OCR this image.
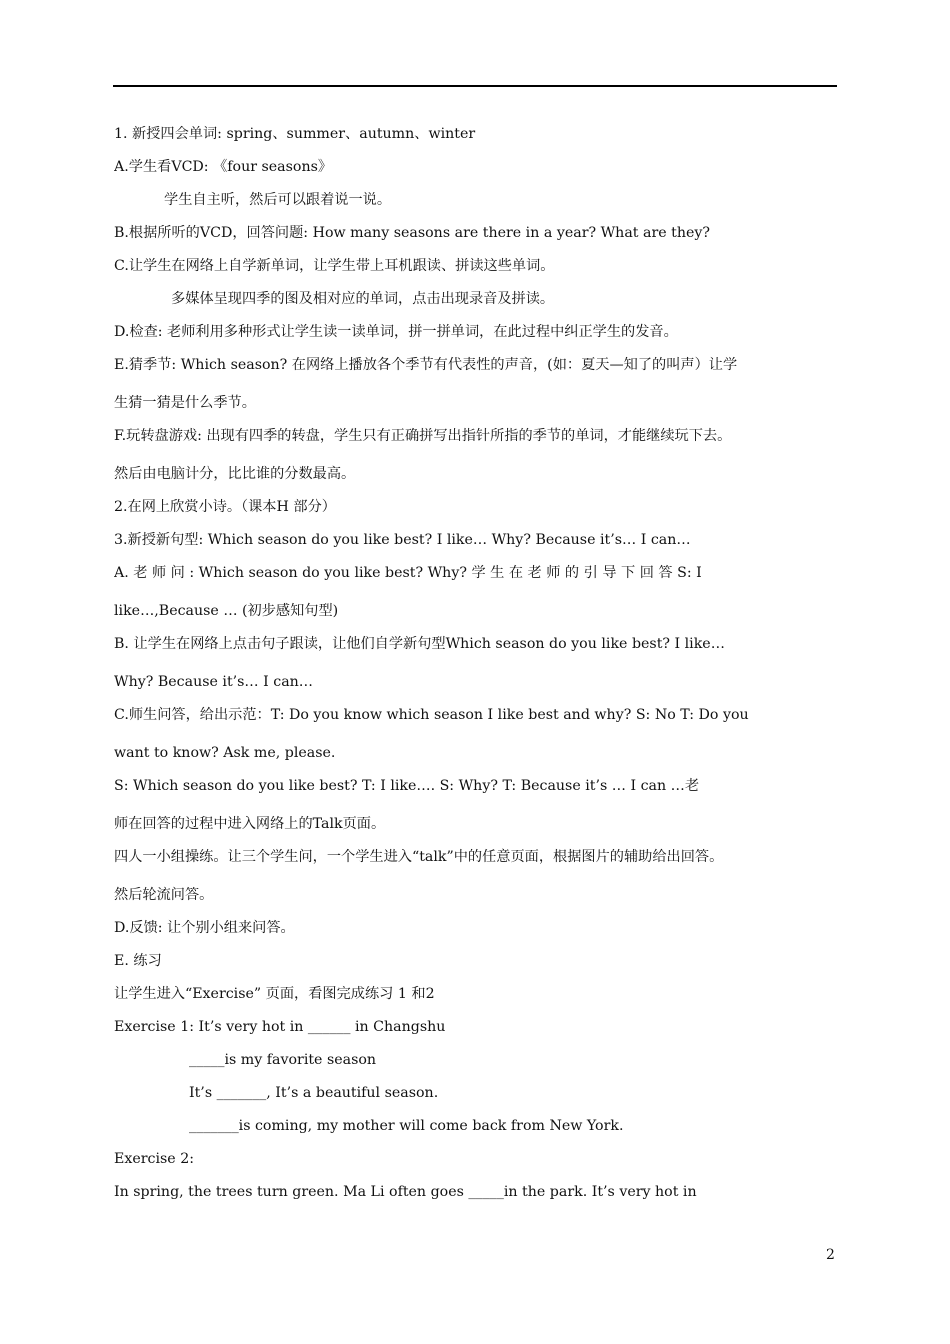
1. 新授四会单词: spring、summer、autumn、winter
A.学生看VCD: 《four seasons》
学生自主听，然后可以跟着说一说。
B.根据所听的VCD，回答问题: How many seasons are there in a year? What are they?
C.让学生在网络上自学新单词，让学生带上耳机跟读、拼读这些单词。
多媒体呈现四季的图及相对应的单词，点击出现录音及拼读。
D.检查: 老师利用多种形式让学生读一读单词，拼一拼单词，在此过程中纠正学生的发音。
E.猜季节: Which season? 在网络上播放各个季节有代表性的声音，(如：夏天—知了的叫声）让学
生猜一猜是什么季节。
F.玩转盘游戏: 出现有四季的转盘，学生只有正确拼写出指针所指的季节的单词，才能继续玩下去。
然后由电脑计分，比比谁的分数最高。
2.在网上欣赏小诗。（课本H 部分）
3.新授新句型: Which season do you like best? I like… Why? Because it’s… I can…
A. 老 师 问 : Which season do you like best? Why? 学 生 在 老 师 的 引 导 下 回 答 S: I
like…,Because … (初步感知句型)
B. 让学生在网络上点击句子跟读，让他们自学新句型Which season do you like best? I like…
Why? Because it’s… I can…
C.师生问答，给出示范：T: Do you know which season I like best and why? S: No T: Do you
want to know? Ask me, please.
S: Which season do you like best? T: I like…. S: Why? T: Because it’s … I can …老
师在回答的过程中进入网络上的Talk页面。
四人一小组操练。让三个学生问，一个学生进入“talk”中的任意页面，根据图片的辅助给出回答。
然后轮流问答。
D.反馈: 让个别小组来问答。
E. 练习
让学生进入“Exercise” 页面，看图完成练习 1 和2
Exercise 1: It’s very hot in ______ in Changshu
_____is my favorite season
It’s _______, It’s a beautiful season.
_______is coming, my mother will come back from New York.
Exercise 2:
In spring, the trees turn green. Ma Li often goes _____in the park. It’s very hot in
2
